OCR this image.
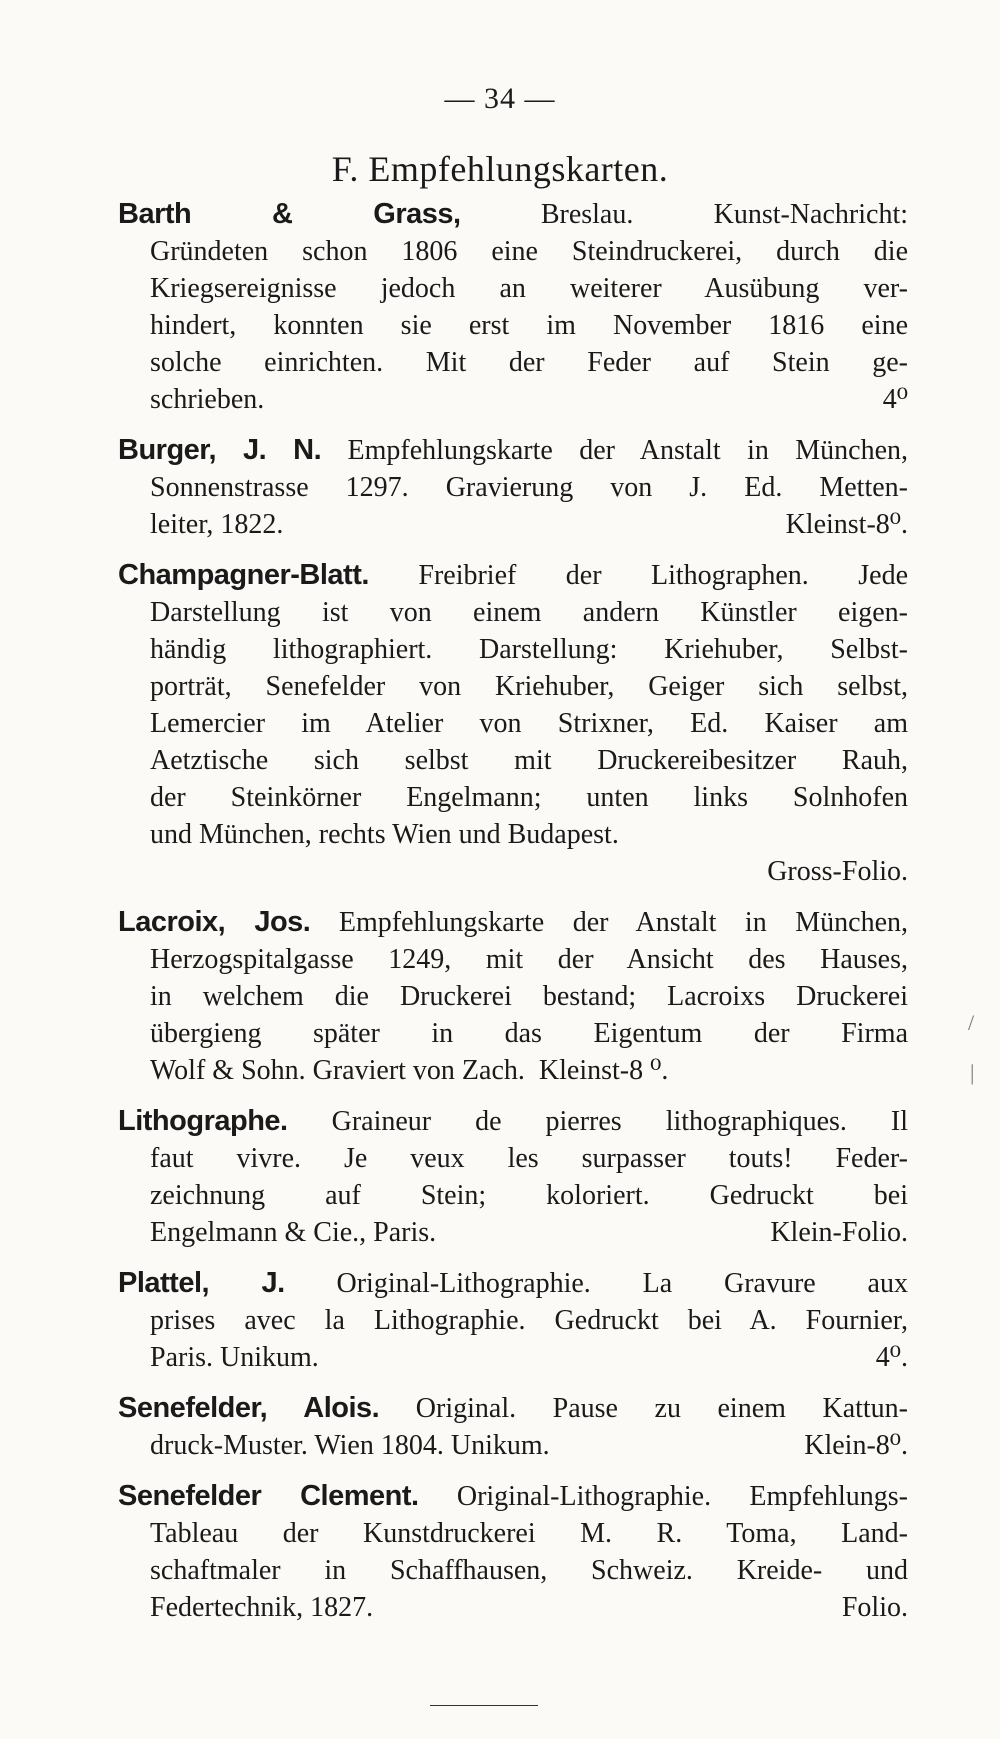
— 34 —
F. Empfehlungskarten.
Barth & Grass,	Breslau. Kunst-Nachricht:
Gründeten schon 1806 eine Steindruckerei, durch die
Kriegsereignisse jedoch an weiterer Ausübung ver-
hindert, konnten sie erst im November 1816 eine
solche einrichten. Mit der Feder auf Stein ge-
schrieben.	4⁰
Burger, J. N. Empfehlungskarte der Anstalt in München,
Sonnenstrasse 1297. Gravierung von J. Ed. Metten-
leiter, 1822.	Kleinst-8⁰.
Champagner-Blatt. Freibrief der Lithographen. Jede
Darstellung ist von einem andern Künstler eigen-
händig lithographiert. Darstellung: Kriehuber, Selbst-
porträt, Senefelder von Kriehuber, Geiger sich selbst,
Lemercier im Atelier von Strixner, Ed. Kaiser am
Aetztische sich selbst mit Druckereibesitzer Rauh,
der Steinkörner Engelmann; unten links Solnhofen
und München, rechts Wien und Budapest.
Gross-Folio.
Lacroix, Jos. Empfehlungskarte der Anstalt in München,
Herzogspitalgasse 1249, mit der Ansicht des Hauses,
in welchem die Druckerei bestand; Lacroixs Druckerei
übergieng später in das Eigentum der Firma
Wolf & Sohn. Graviert von Zach. Kleinst-8 ⁰.
Lithographe. Graineur de pierres lithographiques. Il
faut vivre. Je veux les surpasser touts! Feder-
zeichnung auf Stein; koloriert. Gedruckt bei
Engelmann & Cie., Paris.	Klein-Folio.
Plattel, J. Original-Lithographie. La Gravure aux
prises avec la Lithographie. Gedruckt bei A. Fournier,
Paris. Unikum.	4⁰.
Senefelder, Alois. Original. Pause zu einem Kattun-
druck-Muster. Wien 1804. Unikum.	Klein-8⁰.
Senefelder Clement. Original-Lithographie. Empfehlungs-
Tableau der Kunstdruckerei M. R. Toma, Land-
schaftmaler in Schaffhausen, Schweiz. Kreide- und
Federtechnik, 1827.	Folio.
/
|
